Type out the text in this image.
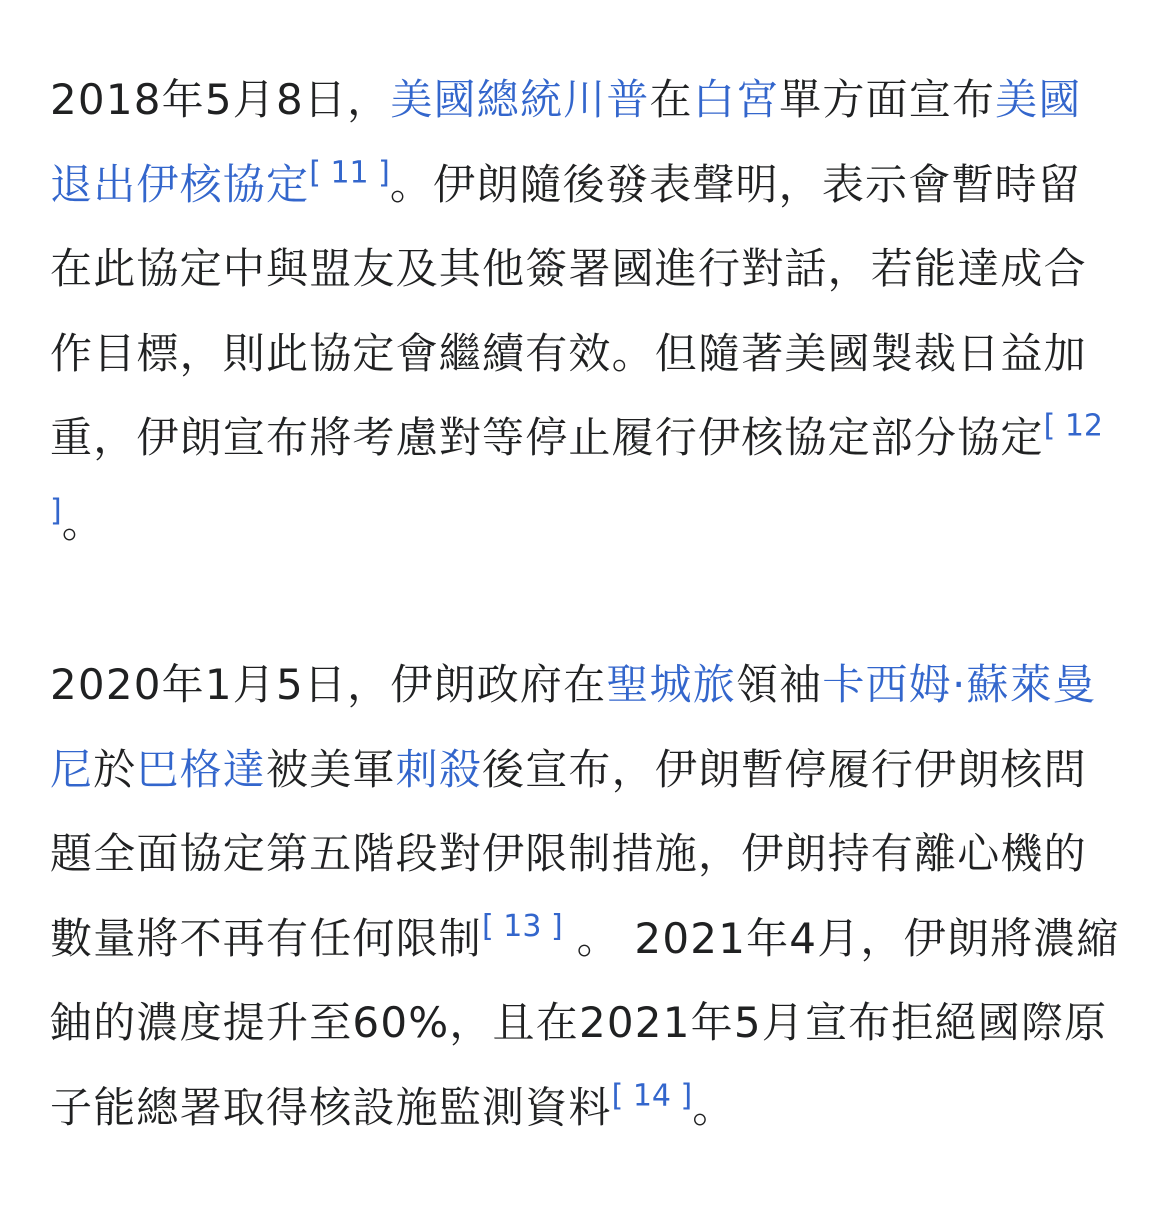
2018年5月8日，美國總統川普在白宮單方面宣布美國退出伊核協定[ 11 ]。伊朗隨後發表聲明，表示會暫時留在此協定中與盟友及其他簽署國進行對話，若能達成合作目標，則此協定會繼續有效。但隨著美國製裁日益加重，伊朗宣布將考慮對等停止履行伊核協定部分協定[ 12 ]。

2020年1月5日，伊朗政府在聖城旅領袖卡西姆·蘇萊曼尼於巴格達被美軍刺殺後宣布，伊朗暫停履行伊朗核問題全面協定第五階段對伊限制措施，伊朗持有離心機的數量將不再有任何限制[ 13 ] 。 2021年4月，伊朗將濃縮鈾的濃度提升至60%，且在2021年5月宣布拒絕國際原子能總署取得核設施監測資料[ 14 ]。
